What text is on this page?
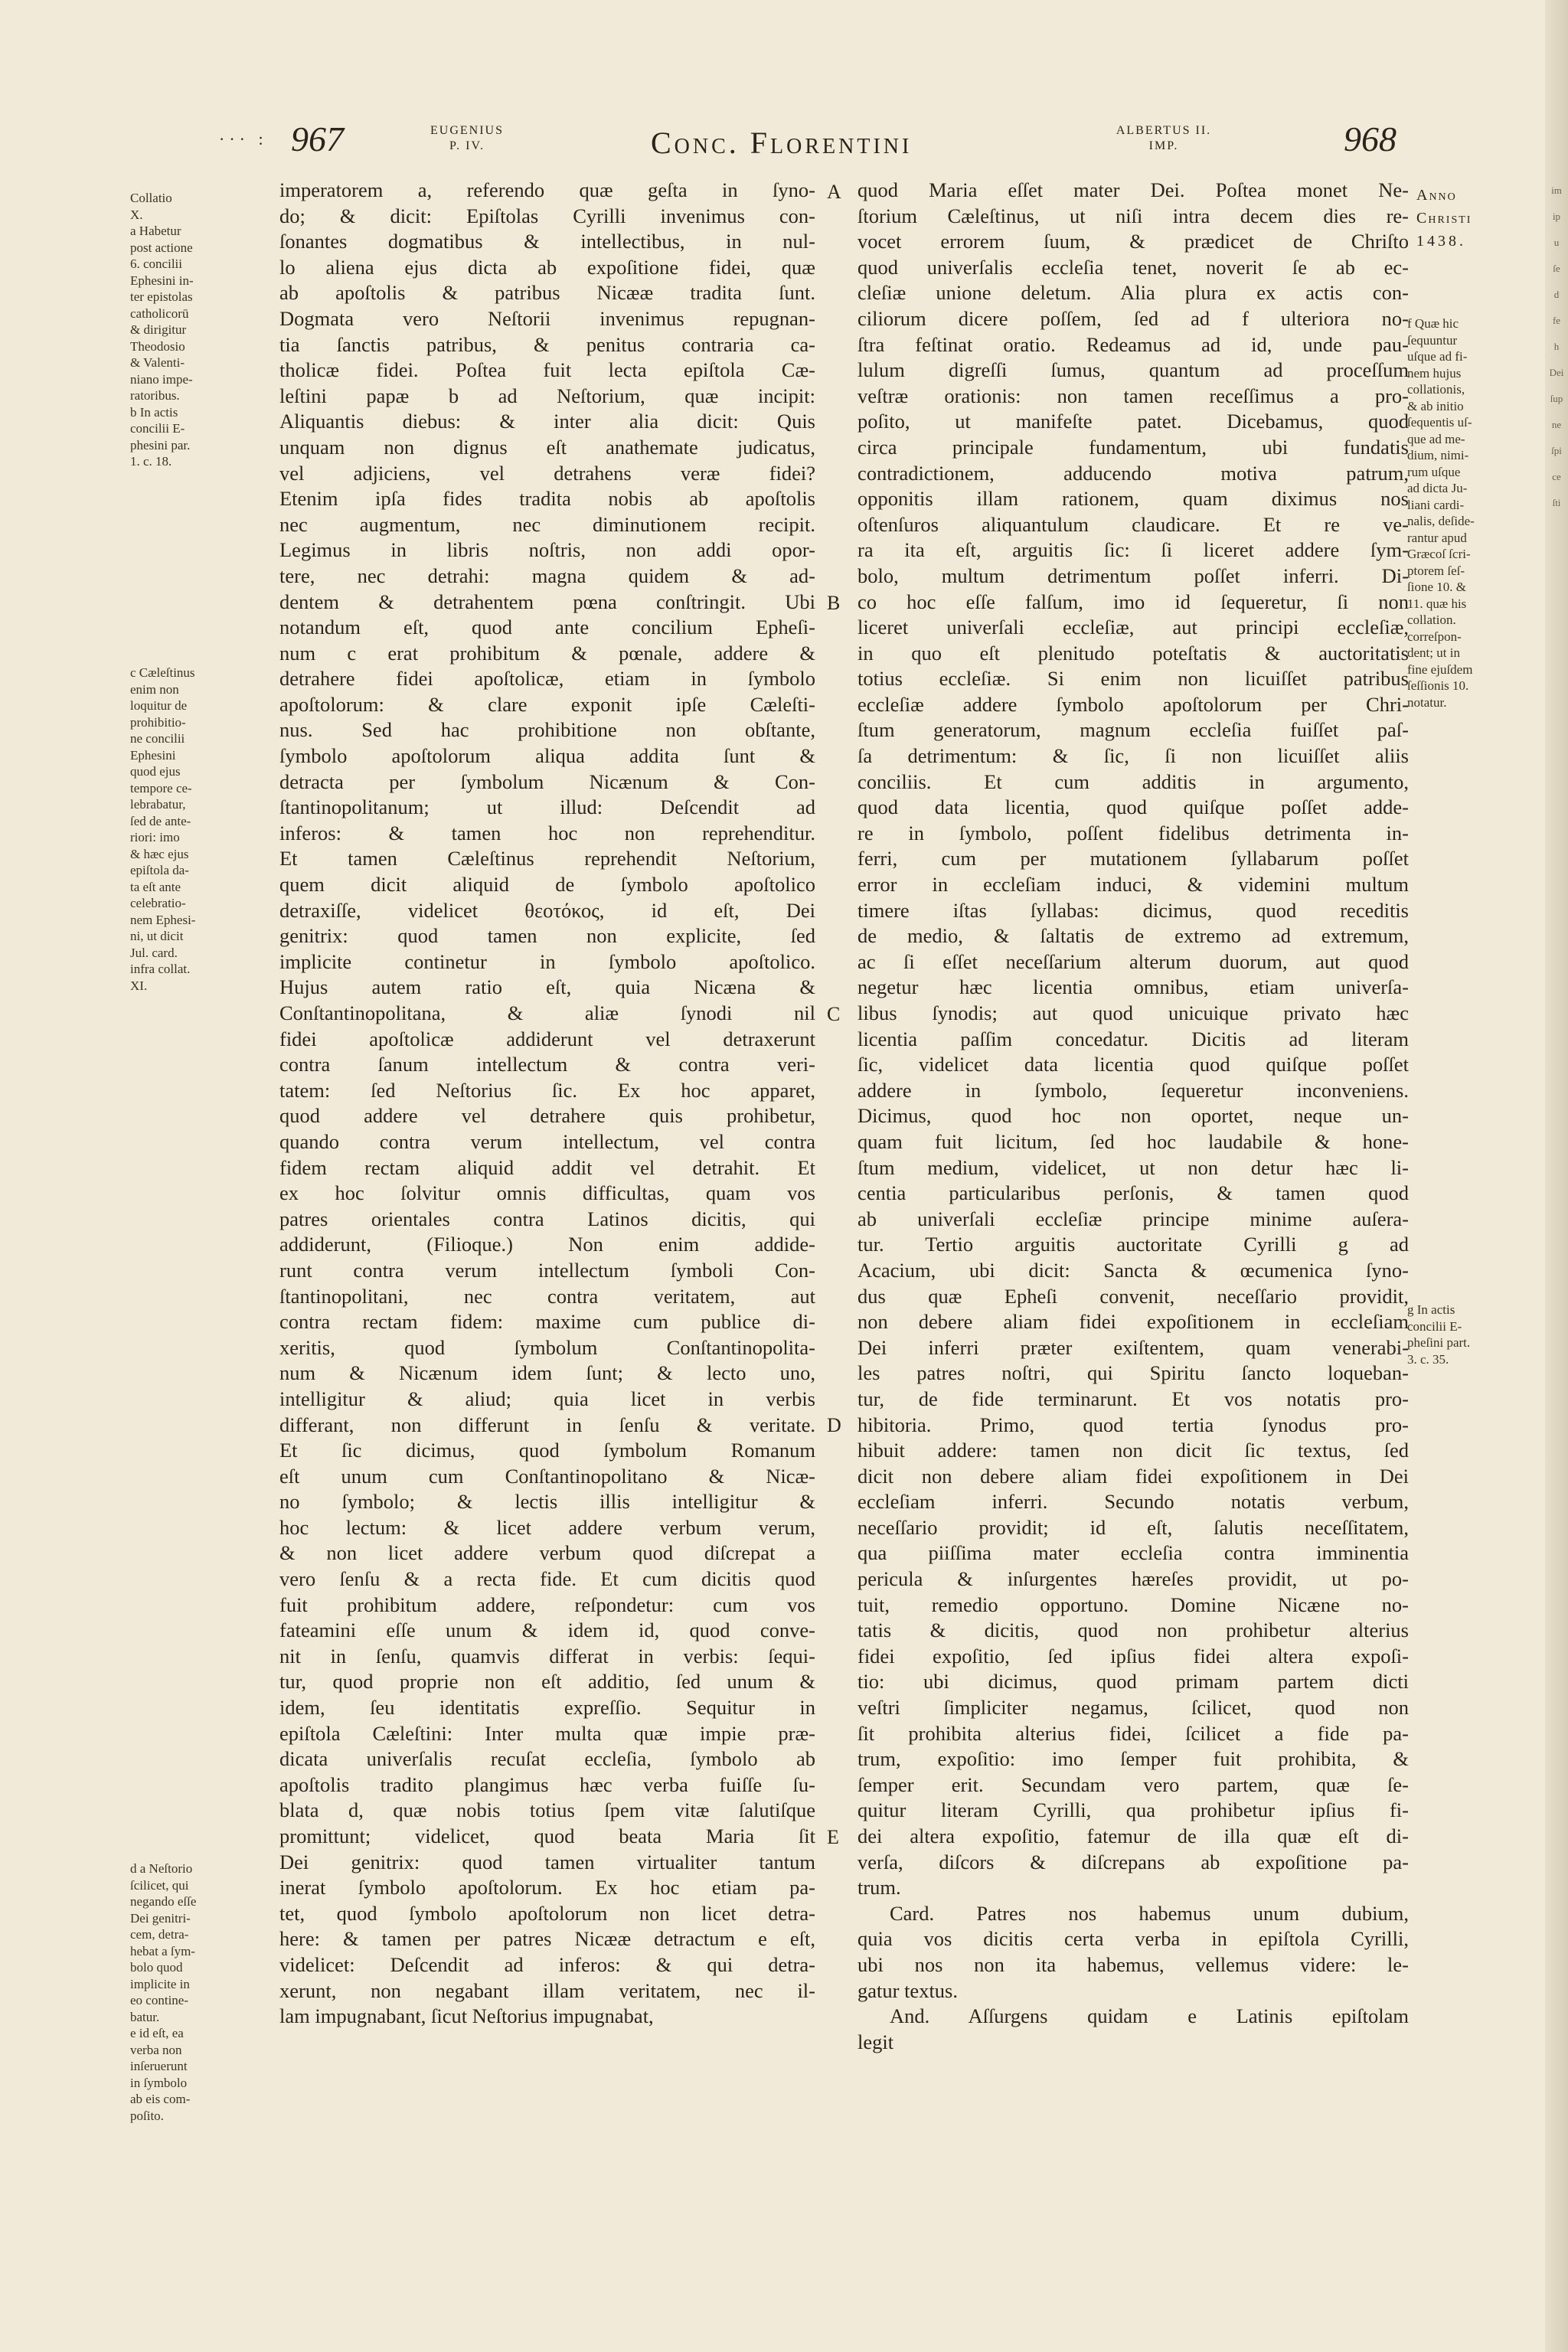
im
ip
u
ſe
d
fe
h
Dei
ſup
ne
ſpi
ce
ſti
··· : 967	EUGENIUS
P. IV.	Conc. Florentini	ALBERTUS II.
IMP.	968
Anno
Christi
1438.
Collatio
X.
a Habetur
post actione
6. concilii
Ephesini in-
ter epistolas
catholicorū
& dirigitur
Theodosio
& Valenti-
niano impe-
ratoribus.
b In actis
concilii E-
phesini par.
1. c. 18.
c Cæleſtinus
enim non
loquitur de
prohibitio-
ne concilii
Ephesini
quod ejus
tempore ce-
lebrabatur,
ſed de ante-
riori: imo
& hæc ejus
epiſtola da-
ta eſt ante
celebratio-
nem Ephesi-
ni, ut dicit
Jul. card.
infra collat.
XI.
d a Neſtorio
ſcilicet, qui
negando eſſe
Dei genitri-
cem, detra-
hebat a ſym-
bolo quod
implicite in
eo contine-
batur.
e id eſt, ea
verba non
inſeruerunt
in ſymbolo
ab eis com-
poſito.
f Quæ hic
ſequuntur
uſque ad fi-
nem hujus
collationis,
& ab initio
ſequentis uſ-
que ad me-
dium, nimi-
rum uſque
ad dicta Ju-
liani cardi-
nalis, deſide-
rantur apud
Græcoſ ſcri-
ptorem ſeſ-
ſione 10. &
11. quæ his
collation.
correſpon-
dent; ut in
fine ejuſdem
ſeſſionis 10.
notatur.
g In actis
concilii E-
pheſini part.
3. c. 35.
imperatorem a, referendo quæ geſta in ſyno-
do; & dicit: Epiſtolas Cyrilli invenimus con-
ſonantes dogmatibus & intellectibus, in nul-
lo aliena ejus dicta ab expoſitione fidei, quæ
ab apoſtolis & patribus Nicææ tradita ſunt.
Dogmata vero Neſtorii invenimus repugnan-
tia ſanctis patribus, & penitus contraria ca-
tholicæ fidei. Poſtea fuit lecta epiſtola Cæ-
leſtini papæ b ad Neſtorium, quæ incipit:
Aliquantis diebus: & inter alia dicit: Quis
unquam non dignus eſt anathemate judicatus,
vel adjiciens, vel detrahens veræ fidei?
Etenim ipſa fides tradita nobis ab apoſtolis
nec augmentum, nec diminutionem recipit.
Legimus in libris noſtris, non addi opor-
tere, nec detrahi: magna quidem & ad-
dentem & detrahentem pœna conſtringit. Ubi
notandum eſt, quod ante concilium Epheſi-
num c erat prohibitum & pœnale, addere &
detrahere fidei apoſtolicæ, etiam in ſymbolo
apoſtolorum: & clare exponit ipſe Cæleſti-
nus. Sed hac prohibitione non obſtante,
ſymbolo apoſtolorum aliqua addita ſunt &
detracta per ſymbolum Nicænum & Con-
ſtantinopolitanum; ut illud: Deſcendit ad
inferos: & tamen hoc non reprehenditur.
Et tamen Cæleſtinus reprehendit Neſtorium,
quem dicit aliquid de ſymbolo apoſtolico
detraxiſſe, videlicet θεοτόκος, id eſt, Dei
genitrix: quod tamen non explicite, ſed
implicite continetur in ſymbolo apoſtolico.
Hujus autem ratio eſt, quia Nicæna &
Conſtantinopolitana, & aliæ ſynodi nil
fidei apoſtolicæ addiderunt vel detraxerunt
contra ſanum intellectum & contra veri-
tatem: ſed Neſtorius ſic. Ex hoc apparet,
quod addere vel detrahere quis prohibetur,
quando contra verum intellectum, vel contra
fidem rectam aliquid addit vel detrahit. Et
ex hoc ſolvitur omnis difficultas, quam vos
patres orientales contra Latinos dicitis, qui
addiderunt, (Filioque.) Non enim addide-
runt contra verum intellectum ſymboli Con-
ſtantinopolitani, nec contra veritatem, aut
contra rectam fidem: maxime cum publice di-
xeritis, quod ſymbolum Conſtantinopolita-
num & Nicænum idem ſunt; & lecto uno,
intelligitur & aliud; quia licet in verbis
differant, non differunt in ſenſu & veritate.
Et ſic dicimus, quod ſymbolum Romanum
eſt unum cum Conſtantinopolitano & Nicæ-
no ſymbolo; & lectis illis intelligitur &
hoc lectum: & licet addere verbum verum,
& non licet addere verbum quod diſcrepat a
vero ſenſu & a recta fide. Et cum dicitis quod
fuit prohibitum addere, reſpondetur: cum vos
fateamini eſſe unum & idem id, quod conve-
nit in ſenſu, quamvis differat in verbis: ſequi-
tur, quod proprie non eſt additio, ſed unum &
idem, ſeu identitatis expreſſio. Sequitur in
epiſtola Cæleſtini: Inter multa quæ impie præ-
dicata univerſalis recuſat eccleſia, ſymbolo ab
apoſtolis tradito plangimus hæc verba fuiſſe ſu-
blata d, quæ nobis totius ſpem vitæ ſalutiſque
promittunt; videlicet, quod beata Maria ſit
Dei genitrix: quod tamen virtualiter tantum
inerat ſymbolo apoſtolorum. Ex hoc etiam pa-
tet, quod ſymbolo apoſtolorum non licet detra-
here: & tamen per patres Nicææ detractum e eſt,
videlicet: Deſcendit ad inferos: & qui detra-
xerunt, non negabant illam veritatem, nec il-
lam impugnabant, ſicut Neſtorius impugnabat,
quod Maria eſſet mater Dei. Poſtea monet Ne-
ſtorium Cæleſtinus, ut niſi intra decem dies re-
vocet errorem ſuum, & prædicet de Chriſto
quod univerſalis eccleſia tenet, noverit ſe ab ec-
cleſiæ unione deletum. Alia plura ex actis con-
ciliorum dicere poſſem, ſed ad f ulteriora no-
ſtra feſtinat oratio. Redeamus ad id, unde pau-
lulum digreſſi ſumus, quantum ad proceſſum
veſtræ orationis: non tamen receſſimus a pro-
poſito, ut manifeſte patet. Dicebamus, quod
circa principale fundamentum, ubi fundatis
contradictionem, adducendo motiva patrum,
opponitis illam rationem, quam diximus nos
oſtenſuros aliquantulum claudicare. Et re ve-
ra ita eſt, arguitis ſic: ſi liceret addere ſym-
bolo, multum detrimentum poſſet inferri. Di-
co hoc eſſe falſum, imo id ſequeretur, ſi non
liceret univerſali eccleſiæ, aut principi eccleſiæ,
in quo eſt plenitudo poteſtatis & auctoritatis
totius eccleſiæ. Si enim non licuiſſet patribus
eccleſiæ addere ſymbolo apoſtolorum per Chri-
ſtum generatorum, magnum eccleſia fuiſſet paſ-
ſa detrimentum: & ſic, ſi non licuiſſet aliis
conciliis. Et cum additis in argumento,
quod data licentia, quod quiſque poſſet adde-
re in ſymbolo, poſſent fidelibus detrimenta in-
ferri, cum per mutationem ſyllabarum poſſet
error in eccleſiam induci, & videmini multum
timere iſtas ſyllabas: dicimus, quod receditis
de medio, & ſaltatis de extremo ad extremum,
ac ſi eſſet neceſſarium alterum duorum, aut quod
negetur hæc licentia omnibus, etiam univerſa-
libus ſynodis; aut quod unicuique privato hæc
licentia paſſim concedatur. Dicitis ad literam
ſic, videlicet data licentia quod quiſque poſſet
addere in ſymbolo, ſequeretur inconveniens.
Dicimus, quod hoc non oportet, neque un-
quam fuit licitum, ſed hoc laudabile & hone-
ſtum medium, videlicet, ut non detur hæc li-
centia particularibus perſonis, & tamen quod
ab univerſali eccleſiæ principe minime auſera-
tur. Tertio arguitis auctoritate Cyrilli g ad
Acacium, ubi dicit: Sancta & œcumenica ſyno-
dus quæ Epheſi convenit, neceſſario providit,
non debere aliam fidei expoſitionem in eccleſiam
Dei inferri præter exiſtentem, quam venerabi-
les patres noſtri, qui Spiritu ſancto loqueban-
tur, de fide terminarunt. Et vos notatis pro-
hibitoria. Primo, quod tertia ſynodus pro-
hibuit addere: tamen non dicit ſic textus, ſed
dicit non debere aliam fidei expoſitionem in Dei
eccleſiam inferri. Secundo notatis verbum,
neceſſario providit; id eſt, ſalutis neceſſitatem,
qua piiſſima mater eccleſia contra imminentia
pericula & inſurgentes hæreſes providit, ut po-
tuit, remedio opportuno. Domine Nicæne no-
tatis & dicitis, quod non prohibetur alterius
fidei expoſitio, ſed ipſius fidei altera expoſi-
tio: ubi dicimus, quod primam partem dicti
veſtri ſimpliciter negamus, ſcilicet, quod non
ſit prohibita alterius fidei, ſcilicet a fide pa-
trum, expoſitio: imo ſemper fuit prohibita, &
ſemper erit. Secundam vero partem, quæ ſe-
quitur literam Cyrilli, qua prohibetur ipſius fi-
dei altera expoſitio, fatemur de illa quæ eſt di-
verſa, diſcors & diſcrepans ab expoſitione pa-
trum.
Card. Patres nos habemus unum dubium,
quia vos dicitis certa verba in epiſtola Cyrilli,
ubi nos non ita habemus, vellemus videre: le-
gatur textus.
And. Aſſurgens quidam e Latinis epiſtolam
legit
A
B
C
D
E
